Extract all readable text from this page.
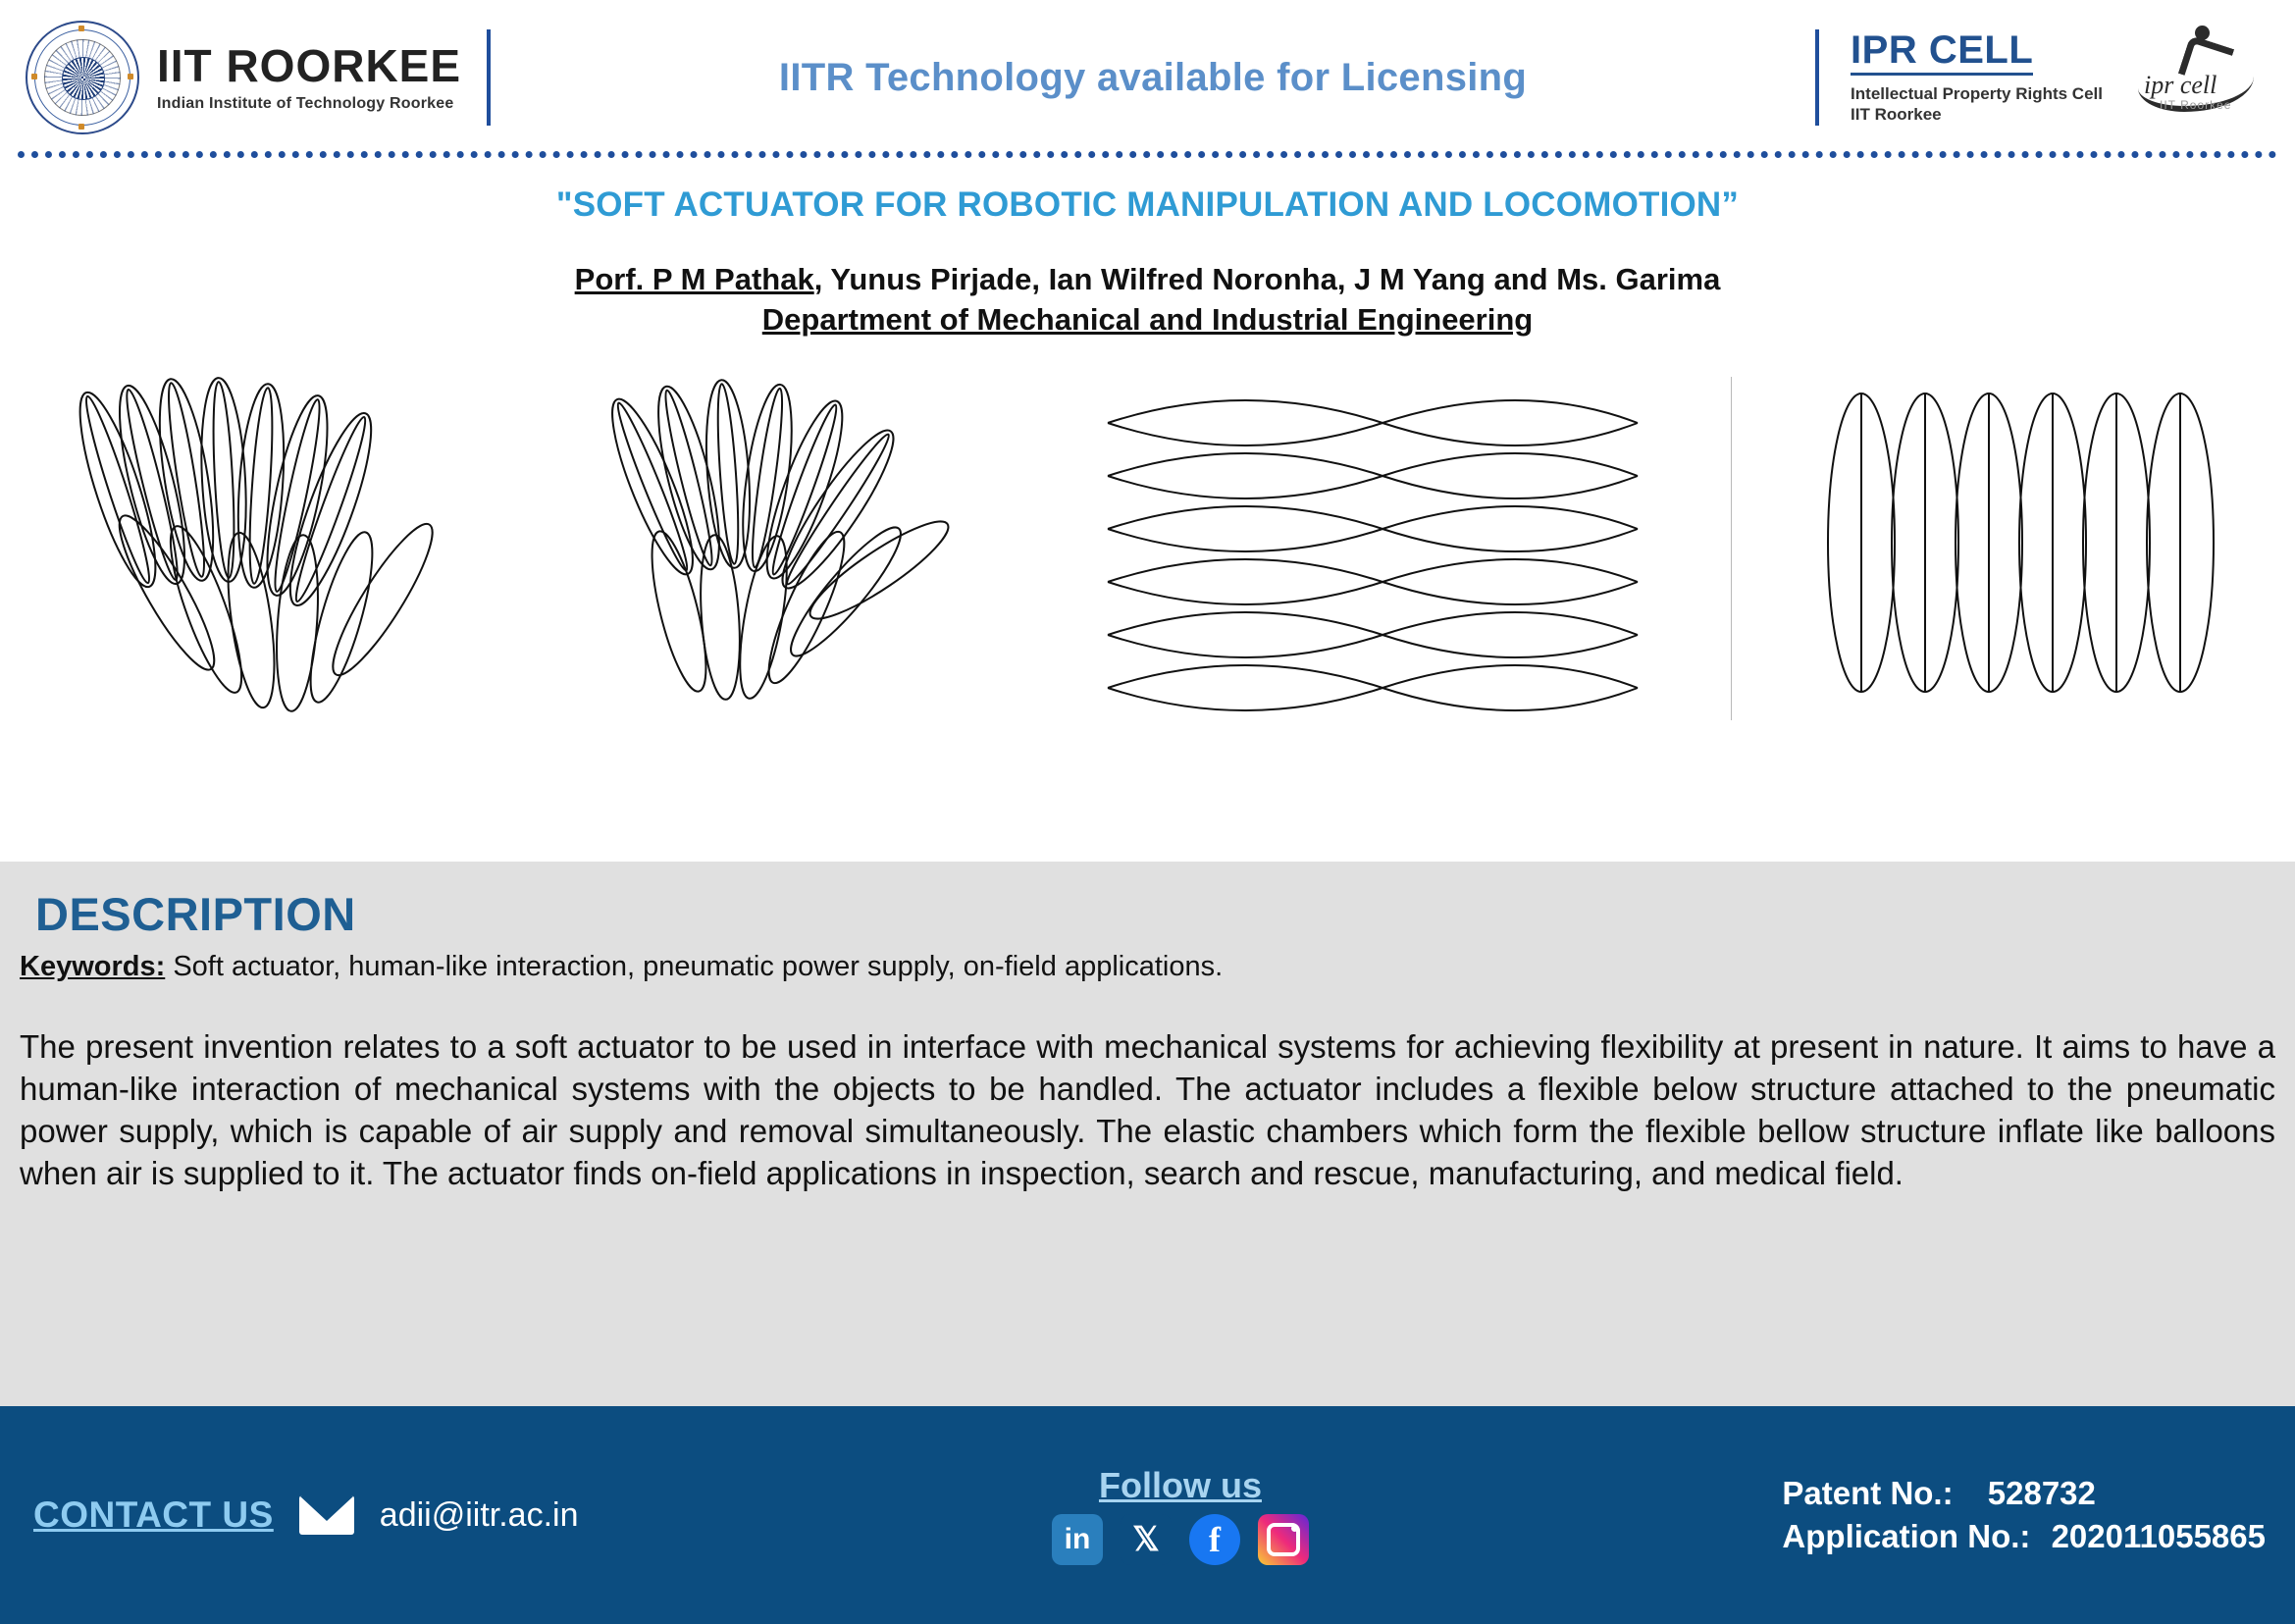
IIT ROORKEE
Indian Institute of Technology Roorkee
IITR Technology available for Licensing
IPR CELL
Intellectual Property Rights Cell
IIT Roorkee
ipr cell
IIT Roorkee
"SOFT ACTUATOR FOR ROBOTIC MANIPULATION AND LOCOMOTION”
Porf. P M Pathak, Yunus Pirjade, Ian Wilfred Noronha, J M Yang and Ms. Garima
Department of Mechanical and Industrial Engineering
DESCRIPTION
Keywords: Soft actuator, human-like interaction, pneumatic power supply, on-field applications.
The present invention relates to a soft actuator to be used in interface with mechanical systems for achieving flexibility at present in nature. It aims to have a human-like interaction of mechanical systems with the objects to be handled. The actuator includes a flexible below structure attached to the pneumatic power supply, which is capable of air supply and removal simultaneously. The elastic chambers which form the flexible bellow structure inflate like balloons when air is supplied to it. The actuator finds on-field applications in inspection, search and rescue, manufacturing, and medical field.
CONTACT US	adii@iitr.ac.in
Follow us
in	𝕏	f
Patent No.: 528732
Application No.: 202011055865
